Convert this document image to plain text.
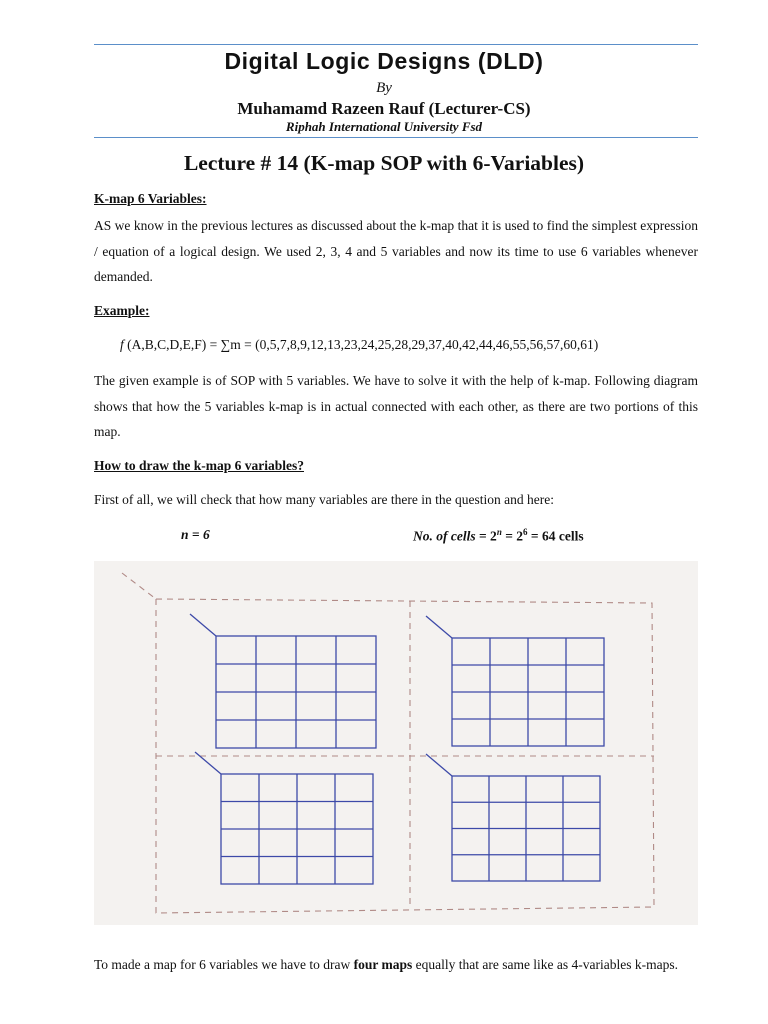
Digital Logic Designs (DLD)
By
Muhamamd Razeen Rauf (Lecturer-CS)
Riphah International University Fsd
Lecture # 14 (K-map SOP with 6-Variables)
K-map 6 Variables:
AS we know in the previous lectures as discussed about the k-map that it is used to find the simplest expression / equation of a logical design. We used 2, 3, 4 and 5 variables and now its time to use 6 variables whenever demanded.
Example:
f (A,B,C,D,E,F) = ∑m = (0,5,7,8,9,12,13,23,24,25,28,29,37,40,42,44,46,55,56,57,60,61)
The given example is of SOP with 5 variables. We have to solve it with the help of k-map. Following diagram shows that how the 5 variables k-map is in actual connected with each other, as there are two portions of this map.
How to draw the k-map 6 variables?
First of all, we will check that how many variables are there in the question and here:
n = 6	No. of cells = $2^n = 2^6 = 64$ cells
To made a map for 6 variables we have to draw four maps equally that are same like as 4-variables k-maps.
